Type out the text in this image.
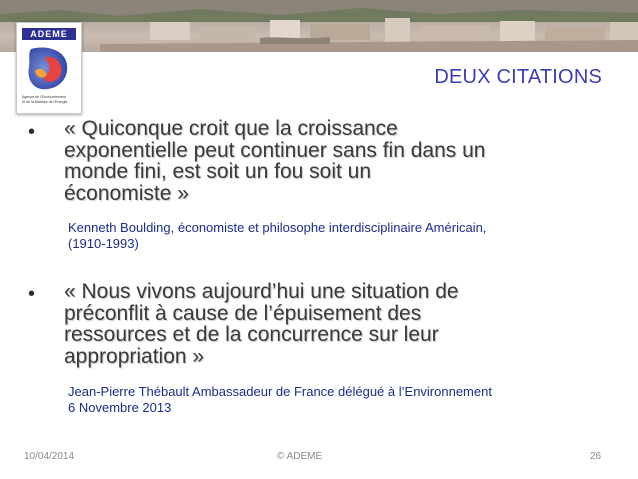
ADEME
Agence de l'Environnement
et de la Maîtrise de l'Energie
DEUX CITATIONS
• « Quiconque croit que la croissance
exponentielle peut continuer sans fin dans un
monde fini, est soit un fou soit un
économiste »
Kenneth Boulding, économiste et philosophe interdisciplinaire Américain,
(1910-1993)
• « Nous vivons aujourd’hui une situation de
préconflit à cause de l’épuisement des
ressources et de la concurrence sur leur
appropriation »
Jean-Pierre Thébault Ambassadeur de France délégué à l’Environnement
6 Novembre 2013
10/04/2014	© ADEME	26
